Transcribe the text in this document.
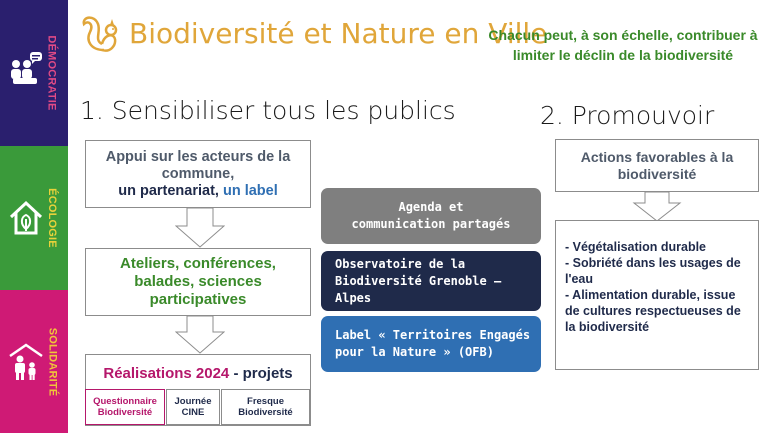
DÉMOCRATIE
ÉCOLOGIE
SOLIDARITÉ
Biodiversité et Nature en Ville
Chacun peut, à son échelle, contribuer à
limiter le déclin de la biodiversité
1. Sensibiliser tous les publics
Appui sur les acteurs de la commune,
un partenariat, un label
Ateliers, conférences, balades, sciences participatives
Réalisations 2024 - projets
Questionnaire Biodiversité
Journée CINE
Fresque Biodiversité
Agenda et
communication partagés
Observatoire de la
Biodiversité Grenoble – Alpes
Label « Territoires Engagés
pour la Nature » (OFB)
2. Promouvoir
Actions favorables à la biodiversité
- Végétalisation durable
- Sobriété dans les usages de l'eau
- Alimentation durable, issue de cultures respectueuses de la biodiversité
